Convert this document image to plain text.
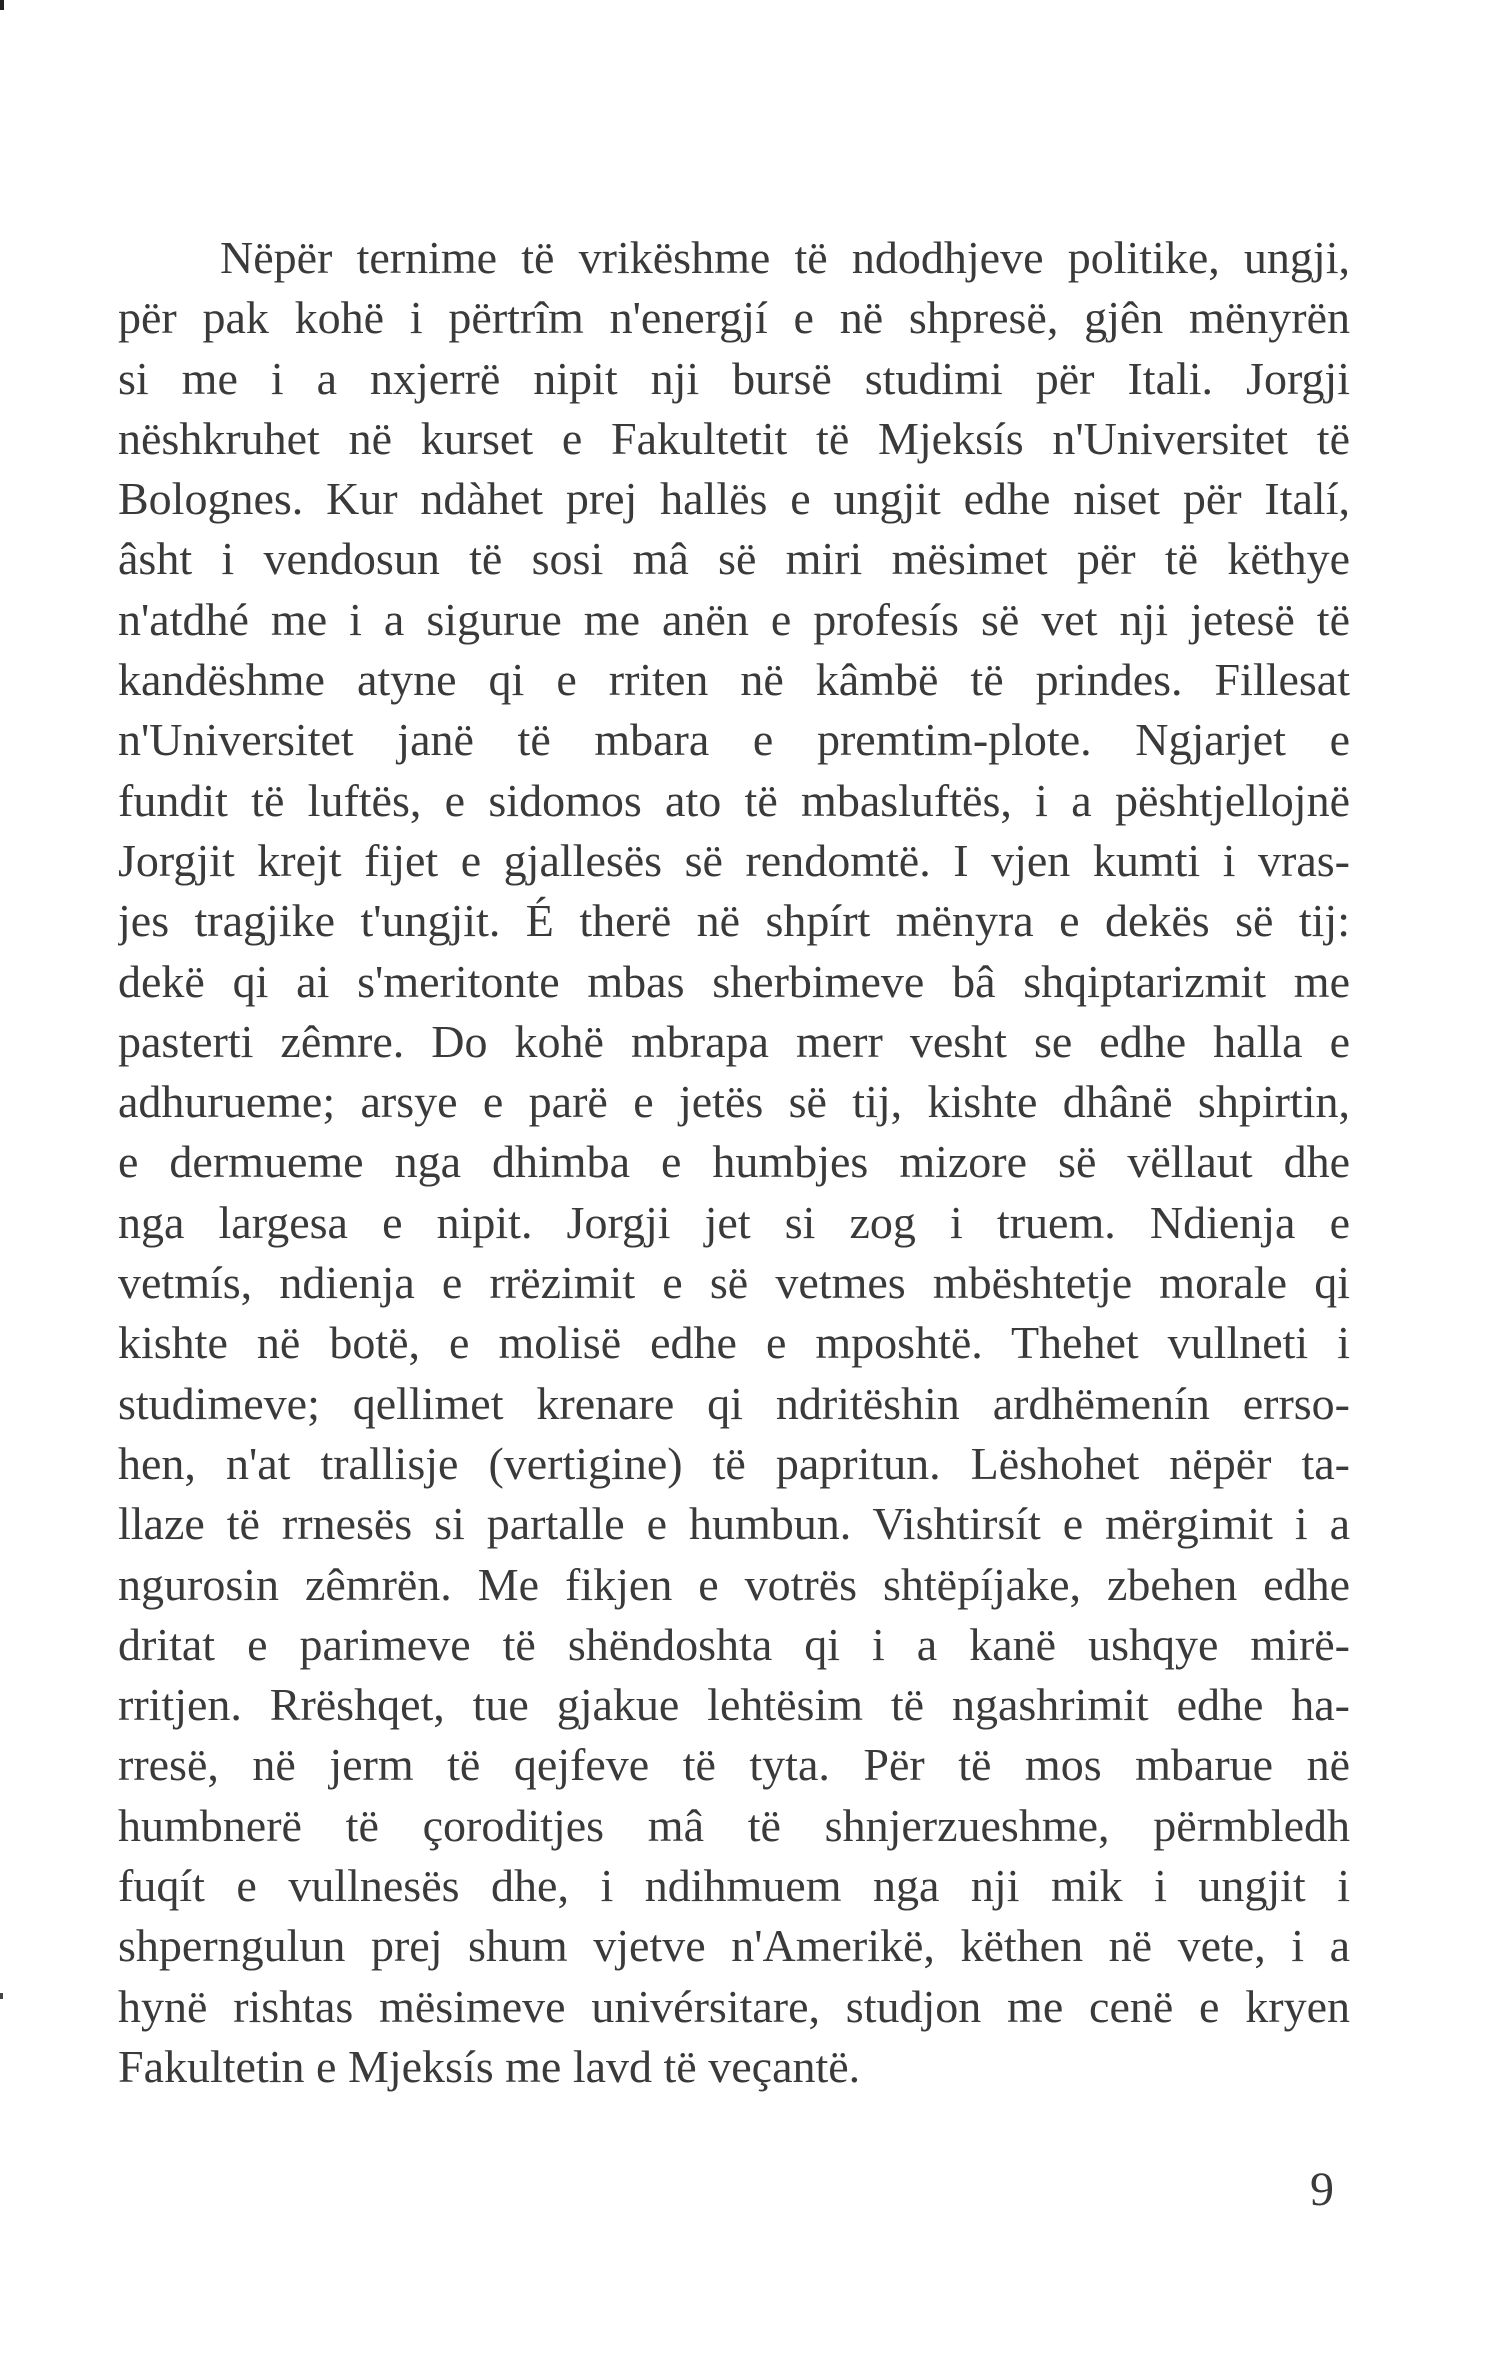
Nëpër ternime të vrikëshme të ndodhjeve politike, ungji,
për pak kohë i përtrîm n'energjí e në shpresë, gjên mënyrën
si me i a nxjerrë nipit nji bursë studimi për Itali. Jorgji
nëshkruhet në kurset e Fakultetit të Mjeksís n'Universitet të
Bolognes. Kur ndàhet prej hallës e ungjit edhe niset për Italí,
âsht i vendosun të sosi mâ së miri mësimet për të këthye
n'atdhé me i a sigurue me anën e profesís së vet nji jetesë të
kandëshme atyne qi e rriten në kâmbë të prindes. Fillesat
n'Universitet janë të mbara e premtim-plote. Ngjarjet e
fundit të luftës, e sidomos ato të mbasluftës, i a pështjellojnë
Jorgjit krejt fijet e gjallesës së rendomtë. I vjen kumti i vras-
jes tragjike t'ungjit. É therë në shpírt mënyra e dekës së tij:
dekë qi ai s'meritonte mbas sherbimeve bâ shqiptarizmit me
pasterti zêmre. Do kohë mbrapa merr vesht se edhe halla e
adhurueme; arsye e parë e jetës së tij, kishte dhânë shpirtin,
e dermueme nga dhimba e humbjes mizore së vëllaut dhe
nga largesa e nipit. Jorgji jet si zog i truem. Ndienja e
vetmís, ndienja e rrëzimit e së vetmes mbështetje morale qi
kishte në botë, e molisë edhe e mposhtë. Thehet vullneti i
studimeve; qellimet krenare qi ndritëshin ardhëmenín errso-
hen, n'at trallisje (vertigine) të papritun. Lëshohet nëpër ta-
llaze të rrnesës si partalle e humbun. Vishtirsít e mërgimit i a
ngurosin zêmrën. Me fikjen e votrës shtëpíjake, zbehen edhe
dritat e parimeve të shëndoshta qi i a kanë ushqye mirë-
rritjen. Rrëshqet, tue gjakue lehtësim të ngashrimit edhe ha-
rresë, në jerm të qejfeve të tyta. Për të mos mbarue në
humbnerë të çoroditjes mâ të shnjerzueshme, përmbledh
fuqít e vullnesës dhe, i ndihmuem nga nji mik i ungjit i
shperngulun prej shum vjetve n'Amerikë, këthen në vete, i a
hynë rishtas mësimeve univérsitare, studjon me cenë e kryen
Fakultetin e Mjeksís me lavd të veçantë.
9
